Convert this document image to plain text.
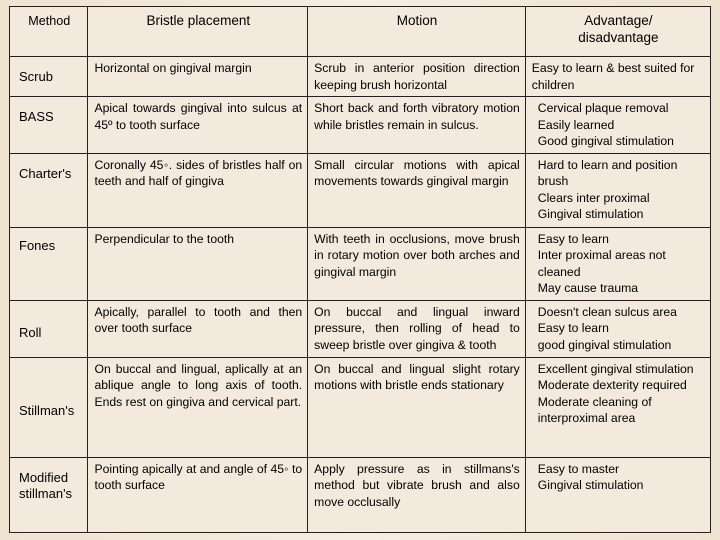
Method	Bristle placement	Motion	Advantage/
disadvantage

Scrub	Horizontal on gingival margin	Scrub in anterior position direction keeping brush horizontal	Easy to learn & best suited for children

BASS	Apical towards gingival into sulcus at 45º to tooth surface	Short back and forth vibratory motion while bristles remain in sulcus.	Cervical plaque removal
Easily learned
Good gingival stimulation

Charter's	Coronally 45◦. sides of bristles half on teeth and half of gingiva	Small circular motions with apical movements towards gingival margin	Hard to learn and position brush
Clears inter proximal
Gingival stimulation

Fones	Perpendicular to the tooth	With teeth in occlusions, move brush in rotary motion over both arches and gingival margin	Easy to learn
Inter proximal areas not cleaned
May cause trauma

Roll	Apically, parallel to tooth and then over tooth surface	On buccal and lingual inward pressure, then rolling of head to sweep bristle over gingiva & tooth	Doesn't clean sulcus area
Easy to learn
good gingival stimulation

Stillman's	On buccal and lingual, aplically at an ablique angle to long axis of tooth. Ends rest on gingiva and cervical part.	On buccal and lingual slight rotary motions with bristle ends stationary	Excellent gingival stimulation
Moderate dexterity required
Moderate cleaning of interproximal area

Modified stillman's	Pointing apically at and angle of 45◦ to tooth surface	Apply pressure as in stillmans's method but vibrate brush and also move occlusally	Easy to master
Gingival stimulation
